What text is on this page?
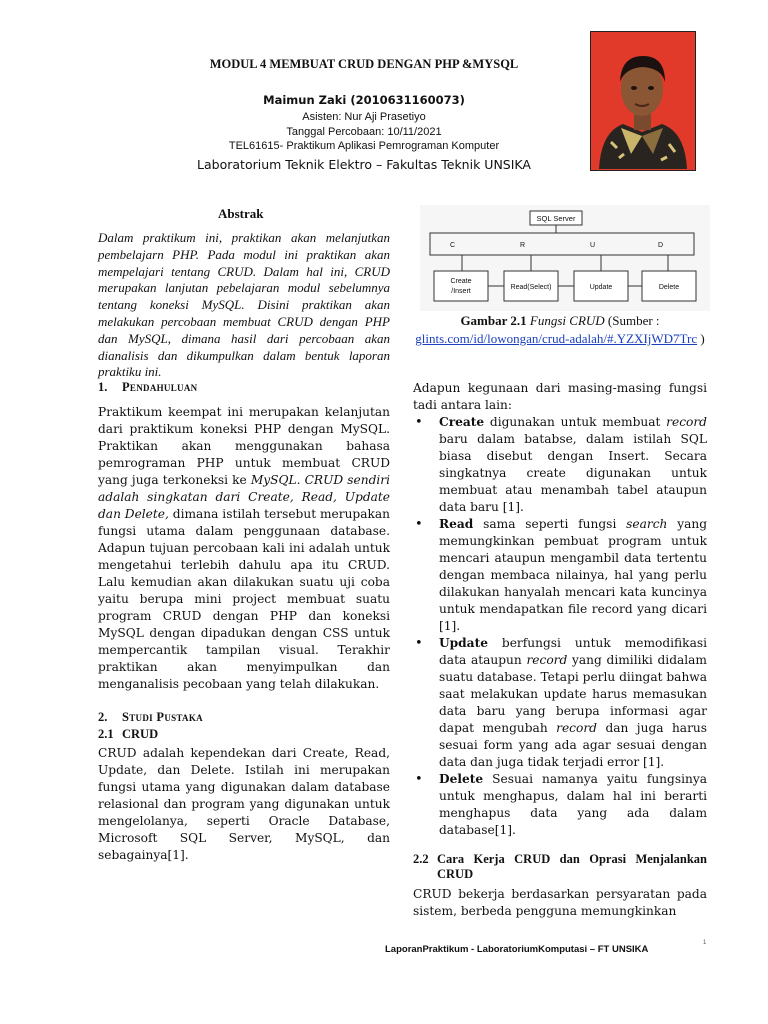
MODUL 4 MEMBUAT CRUD DENGAN PHP &MYSQL
Maimun Zaki (2010631160073)
Asisten: Nur Aji Prasetiyo
Tanggal Percobaan: 10/11/2021
TEL61615- Praktikum Aplikasi Pemrograman Komputer
Laboratorium Teknik Elektro – Fakultas Teknik UNSIKA
Abstrak
Dalam praktikum ini, praktikan akan melanjutkan pembelajarn PHP. Pada modul ini praktikan akan mempelajari tentang CRUD. Dalam hal ini, CRUD merupakan lanjutan pebelajaran modul sebelumnya tentang koneksi MySQL. Disini praktikan akan melakukan percobaan membuat CRUD dengan PHP dan MySQL, dimana hasil dari percobaan akan dianalisis dan dikumpulkan dalam bentuk laporan praktiku ini.
1. Pendahuluan
Praktikum keempat ini merupakan kelanjutan dari praktikum koneksi PHP dengan MySQL. Praktikan akan menggunakan bahasa pemrograman PHP untuk membuat CRUD yang juga terkoneksi ke MySQL. CRUD sendiri adalah singkatan dari Create, Read, Update dan Delete, dimana istilah tersebut merupakan fungsi utama dalam penggunaan database. Adapun tujuan percobaan kali ini adalah untuk mengetahui terlebih dahulu apa itu CRUD. Lalu kemudian akan dilakukan suatu uji coba yaitu berupa mini project membuat suatu program CRUD dengan PHP dan koneksi MySQL dengan dipadukan dengan CSS untuk mempercantik tampilan visual. Terakhir praktikan akan menyimpulkan dan menganalisis pecobaan yang telah dilakukan.
2. Studi Pustaka
2.1 CRUD
CRUD adalah kependekan dari Create, Read, Update, dan Delete. Istilah ini merupakan fungsi utama yang digunakan dalam database relasional dan program yang digunakan untuk mengelolanya, seperti Oracle Database, Microsoft SQL Server, MySQL, dan sebagainya[1].
SQL Server
C	R	U	D
Create /Insert
Read(Select)	Update	Delete
Gambar 2.1 Fungsi CRUD (Sumber :
glints.com/id/lowongan/crud-adalah/#.YZXIjWD7Trc )

Adapun kegunaan dari masing-masing fungsi tadi antara lain:

• Create digunakan untuk membuat record baru dalam batabse, dalam istilah SQL biasa disebut dengan Insert. Secara singkatnya create digunakan untuk membuat atau menambah tabel ataupun data baru [1].
• Read sama seperti fungsi search yang memungkinkan pembuat program untuk mencari ataupun mengambil data tertentu dengan membaca nilainya, hal yang perlu dilakukan hanyalah mencari kata kuncinya untuk mendapatkan file record yang dicari [1].
• Update berfungsi untuk memodifikasi data ataupun record yang dimiliki didalam suatu database. Tetapi perlu diingat bahwa saat melakukan update harus memasukan data baru yang berupa informasi agar dapat mengubah record dan juga harus sesuai form yang ada agar sesuai dengan data dan juga tidak terjadi error [1].
• Delete Sesuai namanya yaitu fungsinya untuk menghapus, dalam hal ini berarti menghapus data yang ada dalam database[1].
2.2 Cara Kerja CRUD dan Oprasi Menjalankan CRUD
CRUD bekerja berdasarkan persyaratan pada sistem, berbeda pengguna memungkinkan
LaporanPraktikum - LaboratoriumKomputasi – FT UNSIKA
1
